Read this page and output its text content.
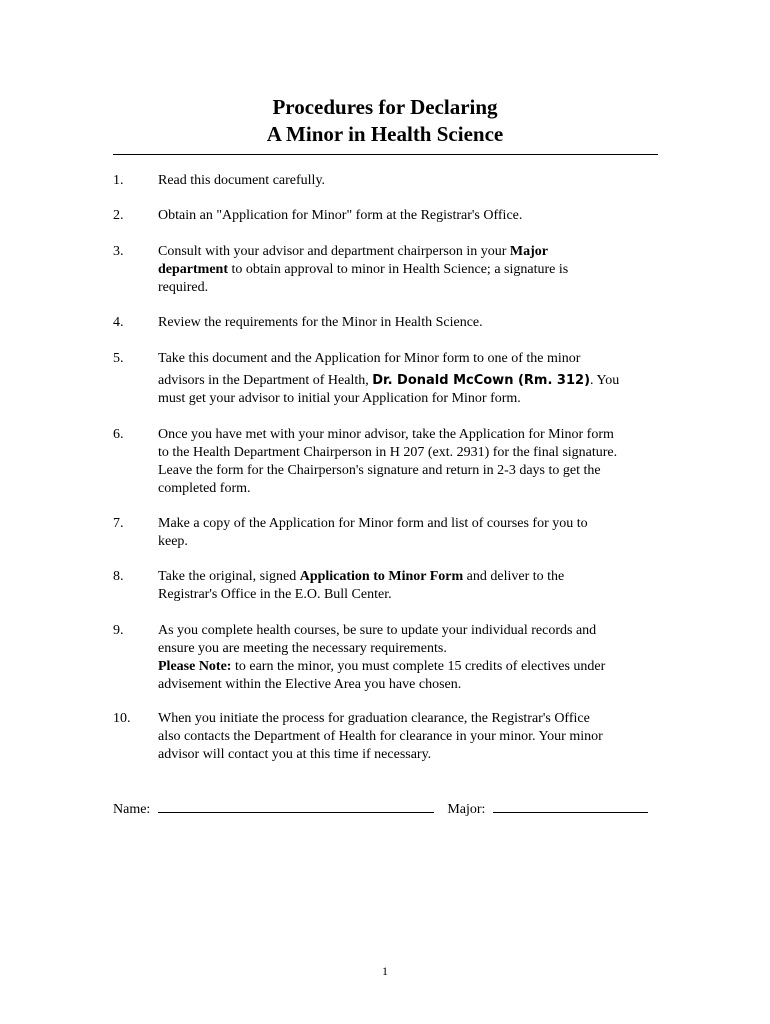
Procedures for Declaring
A Minor in Health Science
1. Read this document carefully.
2. Obtain an "Application for Minor" form at the Registrar's Office.
3. Consult with your advisor and department chairperson in your Major
department to obtain approval to minor in Health Science; a signature is
required.
4. Review the requirements for the Minor in Health Science.
5. Take this document and the Application for Minor form to one of the minor
advisors in the Department of Health, Dr. Donald McCown (Rm. 312). You
must get your advisor to initial your Application for Minor form.
6. Once you have met with your minor advisor, take the Application for Minor form
to the Health Department Chairperson in H 207 (ext. 2931) for the final signature.
Leave the form for the Chairperson's signature and return in 2-3 days to get the
completed form.
7. Make a copy of the Application for Minor form and list of courses for you to
keep.
8. Take the original, signed Application to Minor Form and deliver to the
Registrar's Office in the E.O. Bull Center.
9. As you complete health courses, be sure to update your individual records and
ensure you are meeting the necessary requirements.
Please Note: to earn the minor, you must complete 15 credits of electives under
advisement within the Elective Area you have chosen.
10. When you initiate the process for graduation clearance, the Registrar's Office
also contacts the Department of Health for clearance in your minor. Your minor
advisor will contact you at this time if necessary.
Name:	Major:
1
